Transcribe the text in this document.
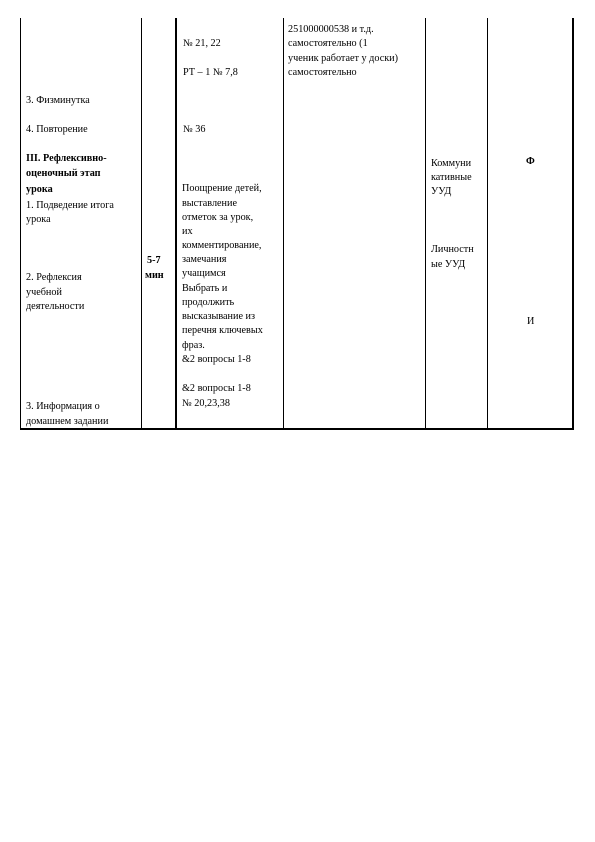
3. Физминутка
4. Повторение
III. Рефлексивно-
оценочный этап
урока
1. Подведение итога
урока
2. Рефлексия
учебной
деятельности
3. Информация о
домашнем задании
5-7
мин
№ 21, 22
РТ – 1 № 7,8
№ 36
Поощрение детей,
выставление
отметок за урок,
их
комментирование,
замечания
учащимся
Выбрать и
продолжить
высказывание из
перечня ключевых
фраз.
&2 вопросы 1-8
&2 вопросы 1-8
№ 20,23,38
251000000538 и т.д.
самостоятельно (1
ученик работает у доски)
самостоятельно
Коммуни
кативные
УУД
Личностн
ые УУД
Ф
И
